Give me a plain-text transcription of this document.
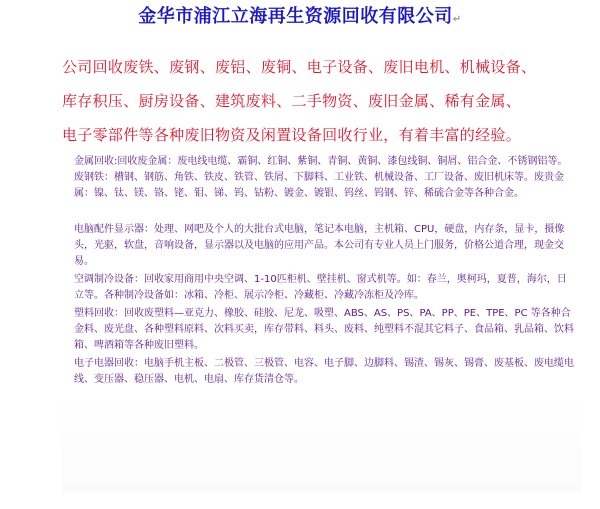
金华市浦江立海再生资源回收有限公司↵
公司回收废铁、废钢、废铝、废铜、电子设备、废旧电机、机械设备、
库存积压、厨房设备、建筑废料、二手物资、废旧金属、稀有金属、
电子零部件等各种废旧物资及闲置设备回收行业，有着丰富的经验。
金属回收:回收废金属：废电线电缆、霸铜、红铜、紫铜、青铜、黄铜、漆包线铜、铜屑、铝合金、不锈钢铝等。废钢铁：槽钢、钢筋、角铁、铁皮、铁管、铁屑、下脚料、工业铁、机械设备、工厂设备、废旧机床等。废贵金属：镍、钛、镁、铬、铑、钼、锑、钨、钴粉、镀金、镀银、钨丝、钨钢、锌、稀硫合金等各种合金。
电脑配件显示器：处理、网吧及个人的大批台式电脑，笔记本电脑，主机箱、CPU，硬盘，内存条，显卡，摄像头，光驱，软盘，音响设备，显示器以及电脑的应用产品。本公司有专业人员上门服务，价格公道合理，现金交易。
空调制冷设备：回收家用商用中央空调、1-10匹柜机、壁挂机、窗式机等。如：春兰，奥柯玛，夏普，海尔，日立等。各种制冷设备如：冰箱、冷柜、展示冷柜、冷藏柜、冷藏冷冻柜及冷库。
塑料回收：回收废塑料—亚克力、橡胶、硅胶、尼龙、吸塑、ABS、AS、PS、PA、PP、PE、TPE、PC 等各种合金料、废光盘、各种塑料原料、次料买卖，库存带料、料头、废料、纯塑料不混其它料子、食品箱、乳品箱、饮料箱、啤酒箱等各种废旧塑料。
电子电器回收：电脑手机主板、二极管、三极管、电容、电子脚、边脚料、锡渣、锡灰、锡膏、废基板、废电缆电线、变压器、稳压器、电机、电扇、库存货清仓等。
